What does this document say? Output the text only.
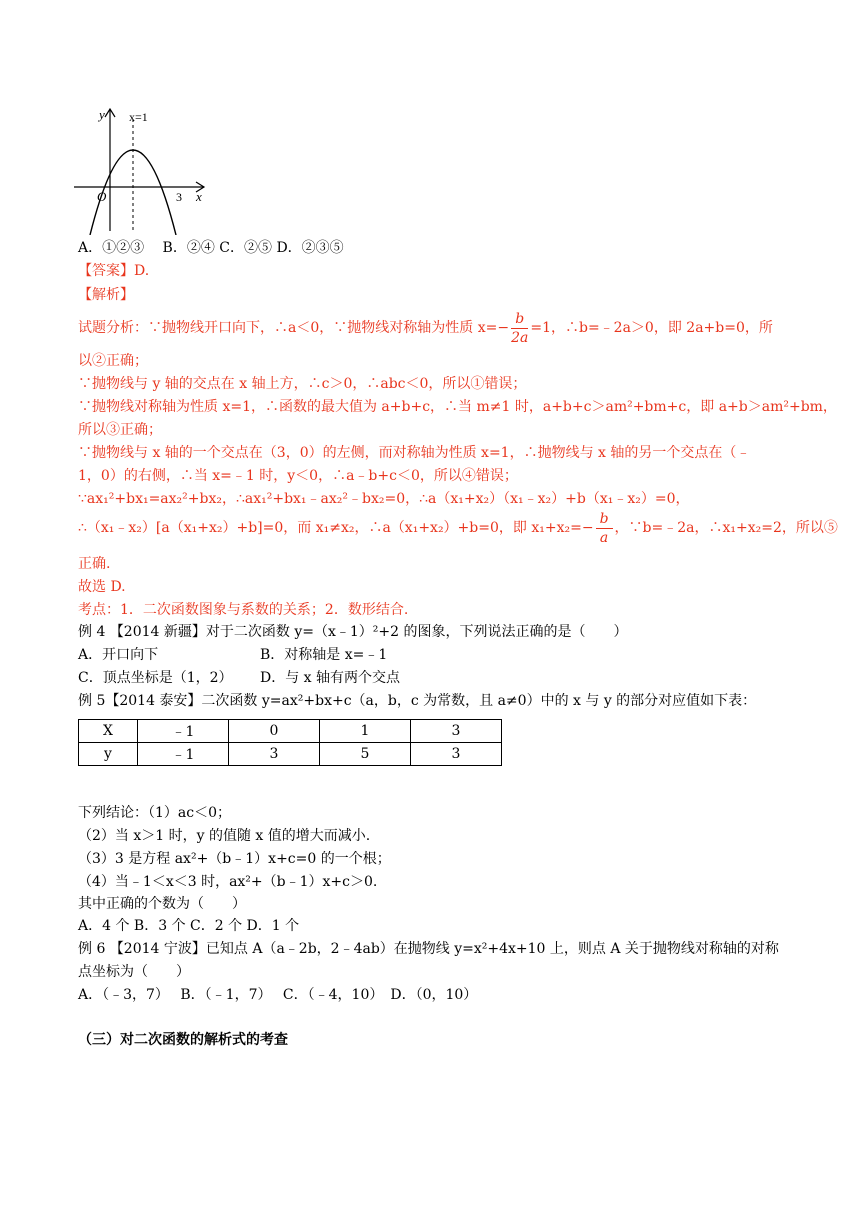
y x=1
O	3 x
A．①②③　 B．②④ C．②⑤ D．②③⑤
【答案】D.
【解析】
试题分析：∵抛物线开口向下，∴a＜0，∵抛物线对称轴为性质 $x=- \frac{b}{2a} =1$，∴b=﹣2a＞0，即 2a+b=0，所
以②正确；
∵抛物线与 y 轴的交点在 x 轴上方，∴c＞0，∴abc＜0，所以①错误；
∵抛物线对称轴为性质 x=1，∴函数的最大值为 a+b+c，∴当 m≠1 时，a+b+c＞am²+bm+c，即 a+b＞am²+bm，
所以③正确；
∵抛物线与 x 轴的一个交点在（3，0）的左侧，而对称轴为性质 x=1，∴抛物线与 x 轴的另一个交点在（﹣
1，0）的右侧，∴当 x=﹣1 时，y＜0，∴a﹣b+c＜0，所以④错误；
∵ax₁²+bx₁=ax₂²+bx₂，∴ax₁²+bx₁﹣ax₂²﹣bx₂=0，∴a（x₁+x₂）（x₁﹣x₂）+b（x₁﹣x₂）=0，
∴（x₁﹣x₂）[a（x₁+x₂）+b]=0，而 x₁≠x₂，∴a（x₁+x₂）+b=0，即 $x_1+x_2=- \frac{b}{a}$ ，∵b=﹣2a，∴x₁+x₂=2，所以⑤
正确.
故选 D.
考点：1．二次函数图象与系数的关系；2．数形结合.
例 4 【2014 新疆】对于二次函数 y=（x﹣1）²+2 的图象，下列说法正确的是（　　）
A．开口向下	B．对称轴是 x=﹣1
C．顶点坐标是（1，2） D．与 x 轴有两个交点
例 5【2014 泰安】二次函数 y=ax²+bx+c（a，b，c 为常数，且 a≠0）中的 x 与 y 的部分对应值如下表：
X	﹣1	0	1	3
y	﹣1	3	5	3
下列结论：（1）ac＜0；
（2）当 x＞1 时，y 的值随 x 值的增大而减小.
（3）3 是方程 ax²+（b﹣1）x+c=0 的一个根；
（4）当﹣1＜x＜3 时，ax²+（b﹣1）x+c＞0.
其中正确的个数为（　　）
A．4 个 B．3 个 C．2 个 D．1 个
例 6 【2014 宁波】已知点 A（a﹣2b，2﹣4ab）在抛物线 y=x²+4x+10 上，则点 A 关于抛物线对称轴的对称
点坐标为（　　）
A．（﹣3，7）　 B．（﹣1，7）　 C．（﹣4，10）　D．（0，10）
（三）对二次函数的解析式的考查
